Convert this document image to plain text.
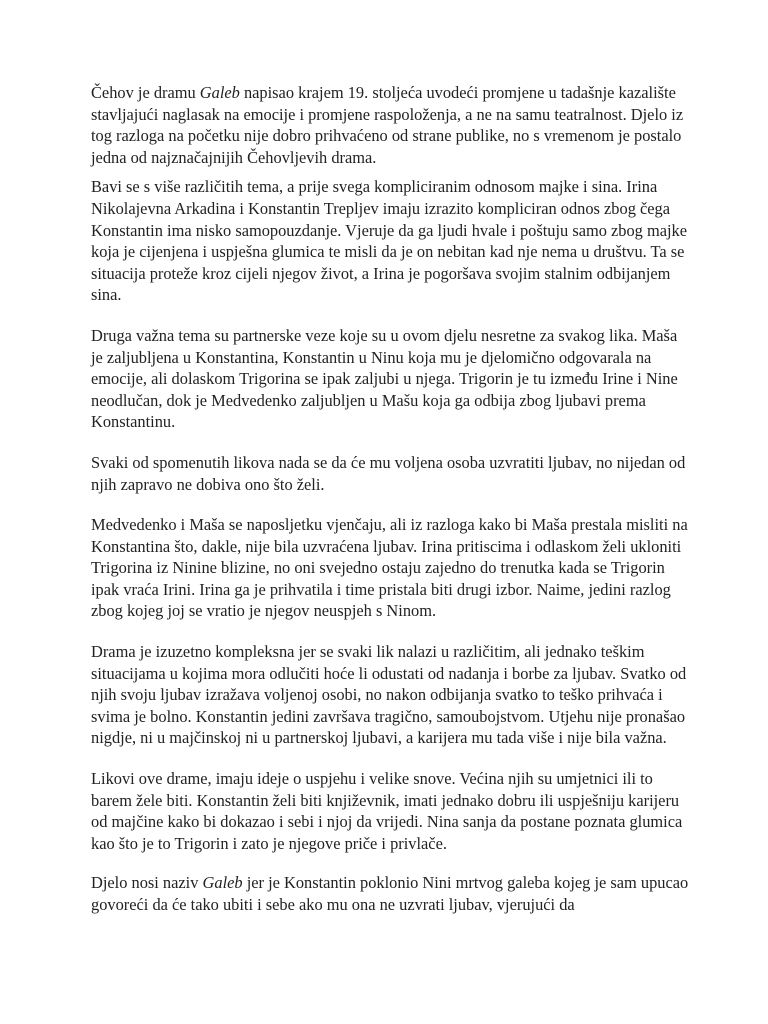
Čehov je dramu Galeb napisao krajem 19. stoljeća uvodeći promjene u tadašnje kazalište stavljajući naglasak na emocije i promjene raspoloženja, a ne na samu teatralnost. Djelo iz tog razloga na početku nije dobro prihvaćeno od strane publike, no s vremenom je postalo jedna od najznačajnijih Čehovljevih drama.

Bavi se s više različitih tema, a prije svega kompliciranim odnosom majke i sina. Irina Nikolajevna Arkadina i Konstantin Trepljev imaju izrazito kompliciran odnos zbog čega Konstantin ima nisko samopouzdanje. Vjeruje da ga ljudi hvale i poštuju samo zbog majke koja je cijenjena i uspješna glumica te misli da je on nebitan kad nje nema u društvu. Ta se situacija proteže kroz cijeli njegov život, a Irina je pogoršava svojim stalnim odbijanjem sina.

Druga važna tema su partnerske veze koje su u ovom djelu nesretne za svakog lika. Maša je zaljubljena u Konstantina, Konstantin u Ninu koja mu je djelomično odgovarala na emocije, ali dolaskom Trigorina se ipak zaljubi u njega. Trigorin je tu između Irine i Nine neodlučan, dok je Medvedenko zaljubljen u Mašu koja ga odbija zbog ljubavi prema Konstantinu.

Svaki od spomenutih likova nada se da će mu voljena osoba uzvratiti ljubav, no nijedan od njih zapravo ne dobiva ono što želi.

Medvedenko i Maša se naposljetku vjenčaju, ali iz razloga kako bi Maša prestala misliti na Konstantina što, dakle, nije bila uzvraćena ljubav. Irina pritiscima i odlaskom želi ukloniti Trigorina iz Ninine blizine, no oni svejedno ostaju zajedno do trenutka kada se Trigorin ipak vraća Irini. Irina ga je prihvatila i time pristala biti drugi izbor. Naime, jedini razlog zbog kojeg joj se vratio je njegov neuspjeh s Ninom.

Drama je izuzetno kompleksna jer se svaki lik nalazi u različitim, ali jednako teškim situacijama u kojima mora odlučiti hoće li odustati od nadanja i borbe za ljubav. Svatko od njih svoju ljubav izražava voljenoj osobi, no nakon odbijanja svatko to teško prihvaća i svima je bolno. Konstantin jedini završava tragično, samoubojstvom. Utjehu nije pronašao nigdje, ni u majčinskoj ni u partnerskoj ljubavi, a karijera mu tada više i nije bila važna.

Likovi ove drame, imaju ideje o uspjehu i velike snove. Većina njih su umjetnici ili to barem žele biti. Konstantin želi biti književnik, imati jednako dobru ili uspješniju karijeru od majčine kako bi dokazao i sebi i njoj da vrijedi. Nina sanja da postane poznata glumica kao što je to Trigorin i zato je njegove priče i privlače.

Djelo nosi naziv Galeb jer je Konstantin poklonio Nini mrtvog galeba kojeg je sam upucao govoreći da će tako ubiti i sebe ako mu ona ne uzvrati ljubav, vjerujući da
